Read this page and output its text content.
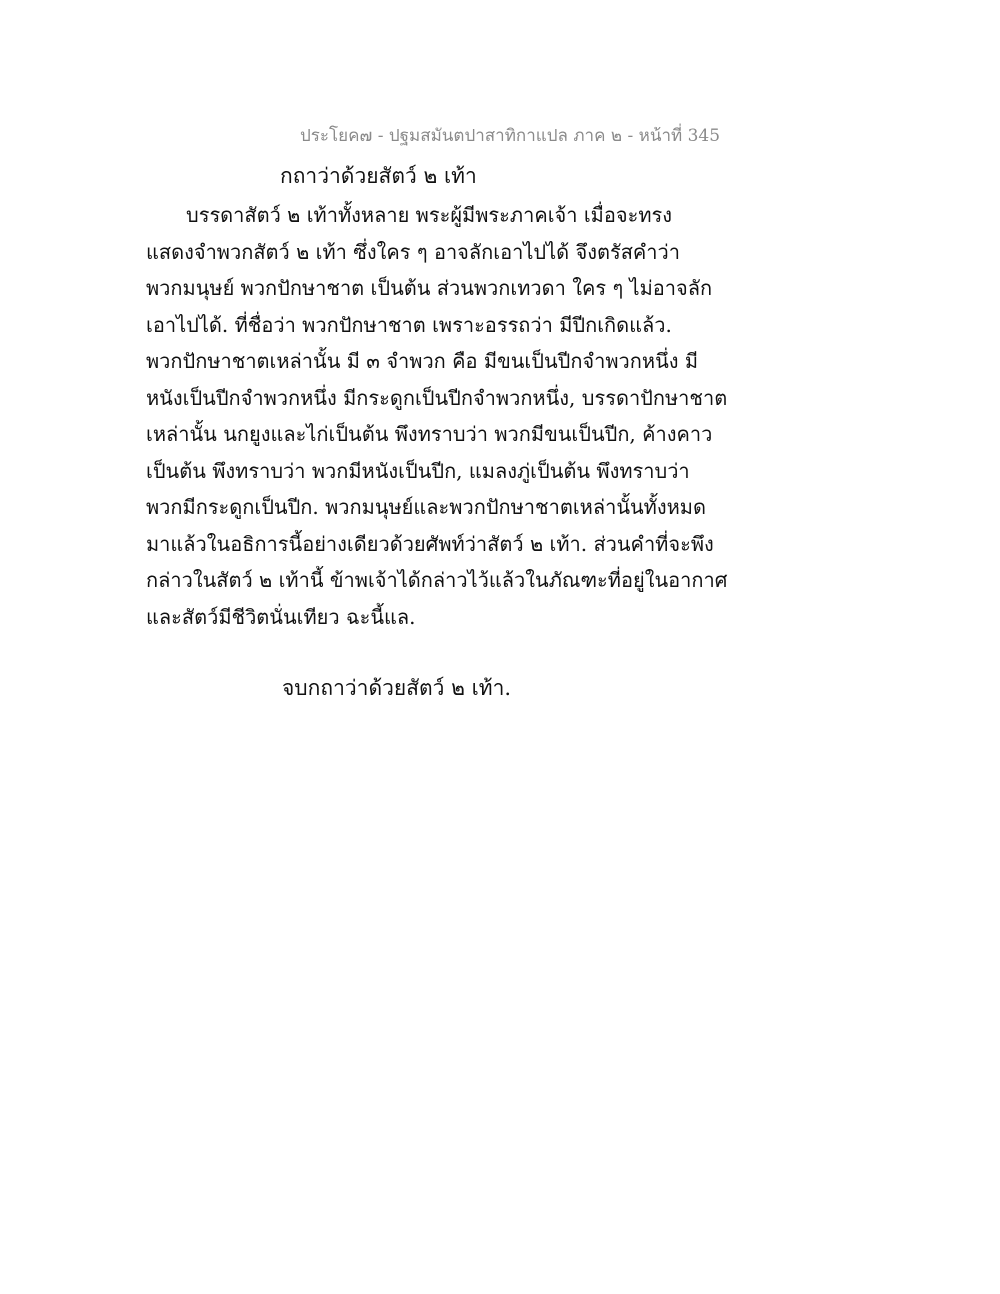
ประโยค๗ - ปฐมสมันตปาสาทิกาแปล ภาค ๒ - หน้าที่ 345
กถาว่าด้วยสัตว์ ๒ เท้า
บรรดาสัตว์ ๒ เท้าทั้งหลาย พระผู้มีพระภาคเจ้า เมื่อจะทรง
แสดงจำพวกสัตว์ ๒ เท้า ซึ่งใคร ๆ อาจลักเอาไปได้ จึงตรัสคำว่า
พวกมนุษย์ พวกปักษาชาต เป็นต้น ส่วนพวกเทวดา ใคร ๆ ไม่อาจลัก
เอาไปได้. ที่ชื่อว่า พวกปักษาชาต เพราะอรรถว่า มีปีกเกิดแล้ว.
พวกปักษาชาตเหล่านั้น มี ๓ จำพวก คือ มีขนเป็นปีกจำพวกหนึ่ง มี
หนังเป็นปีกจำพวกหนึ่ง มีกระดูกเป็นปีกจำพวกหนึ่ง, บรรดาปักษาชาต
เหล่านั้น นกยูงและไก่เป็นต้น พึงทราบว่า พวกมีขนเป็นปีก, ค้างคาว
เป็นต้น พึงทราบว่า พวกมีหนังเป็นปีก, แมลงภู่เป็นต้น พึงทราบว่า
พวกมีกระดูกเป็นปีก. พวกมนุษย์และพวกปักษาชาตเหล่านั้นทั้งหมด
มาแล้วในอธิการนี้อย่างเดียวด้วยศัพท์ว่าสัตว์ ๒ เท้า. ส่วนคำที่จะพึง
กล่าวในสัตว์ ๒ เท้านี้ ข้าพเจ้าได้กล่าวไว้แล้วในภัณฑะที่อยู่ในอากาศ
และสัตว์มีชีวิตนั่นเทียว ฉะนี้แล.
จบกถาว่าด้วยสัตว์ ๒ เท้า.
